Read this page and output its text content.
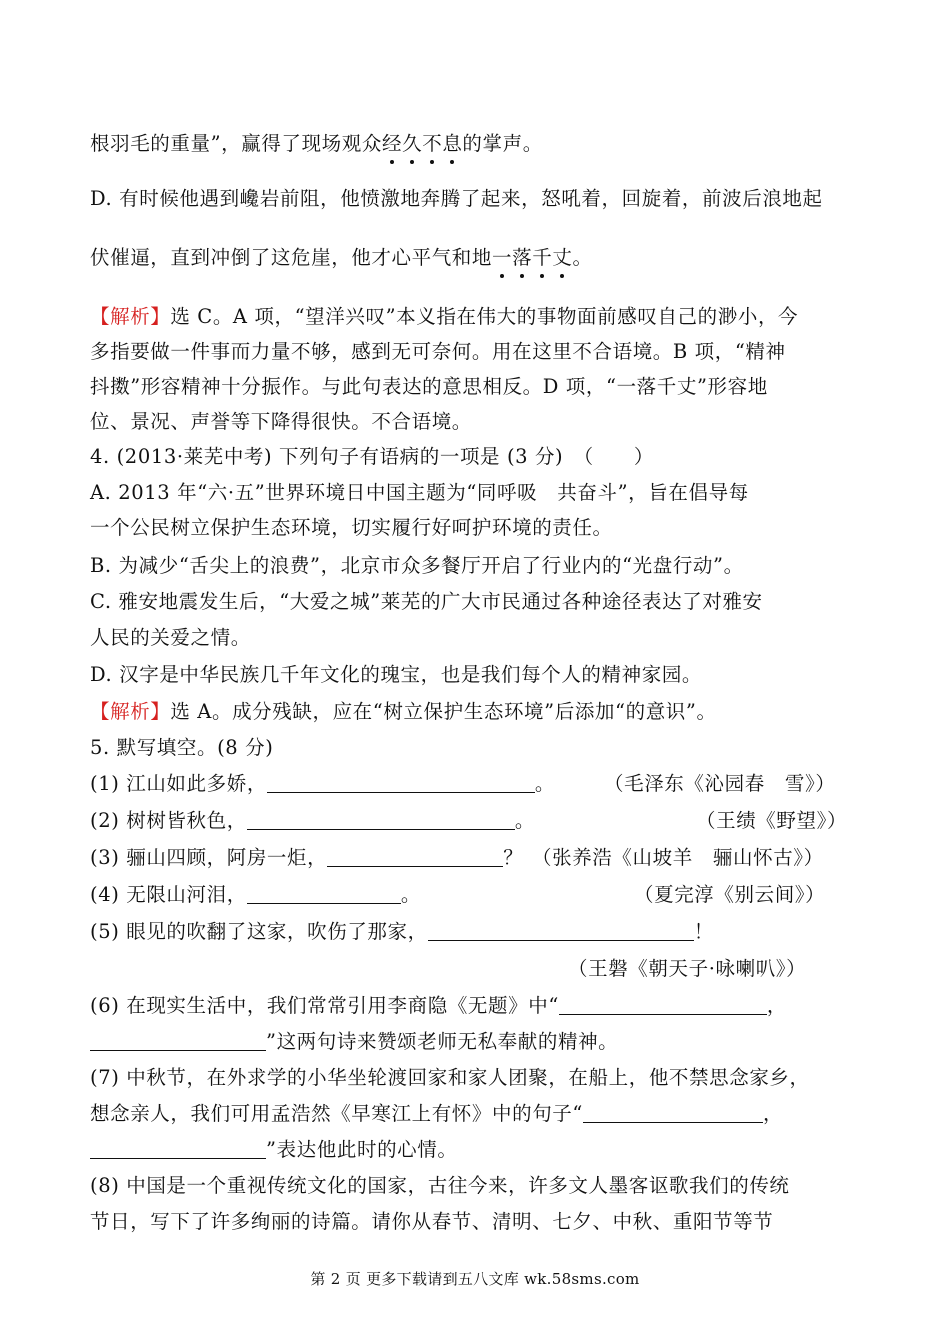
根羽毛的重量”，赢得了现场观众经久不息的掌声。
D. 有时候他遇到巉岩前阻，他愤激地奔腾了起来，怒吼着，回旋着，前波后浪地起
伏催逼，直到冲倒了这危崖，他才心平气和地一落千丈。
【解析】选 C。A 项，“望洋兴叹”本义指在伟大的事物面前感叹自己的渺小，今
多指要做一件事而力量不够，感到无可奈何。用在这里不合语境。B 项，“精神
抖擞”形容精神十分振作。与此句表达的意思相反。D 项，“一落千丈”形容地
位、景况、声誉等下降得很快。不合语境。
4. (2013·莱芜中考) 下列句子有语病的一项是 (3 分)　（　　）
A. 2013 年“六·五”世界环境日中国主题为“同呼吸　共奋斗”，旨在倡导每
一个公民树立保护生态环境，切实履行好呵护环境的责任。
B. 为减少“舌尖上的浪费”，北京市众多餐厅开启了行业内的“光盘行动”。
C. 雅安地震发生后，“大爱之城”莱芜的广大市民通过各种途径表达了对雅安
人民的关爱之情。
D. 汉字是中华民族几千年文化的瑰宝，也是我们每个人的精神家园。
【解析】选 A。成分残缺，应在“树立保护生态环境”后添加“的意识”。
5. 默写填空。(8 分)
(1) 江山如此多娇，	。	（毛泽东《沁园春　雪》）
(2) 树树皆秋色，	。	（王绩《野望》）
(3) 骊山四顾，阿房一炬，	？ （张养浩《山坡羊　骊山怀古》）
(4) 无限山河泪，	。	（夏完淳《别云间》）
(5) 眼见的吹翻了这家，吹伤了那家，	！
（王磐《朝天子·咏喇叭》）
(6) 在现实生活中，我们常常引用李商隐《无题》中“	，
”这两句诗来赞颂老师无私奉献的精神。
(7) 中秋节，在外求学的小华坐轮渡回家和家人团聚，在船上，他不禁思念家乡，
想念亲人，我们可用孟浩然《早寒江上有怀》中的句子“	，
”表达他此时的心情。
(8) 中国是一个重视传统文化的国家，古往今来，许多文人墨客讴歌我们的传统
节日，写下了许多绚丽的诗篇。请你从春节、清明、七夕、中秋、重阳节等节
第 2 页 更多下载请到五八文库 wk.58sms.com
